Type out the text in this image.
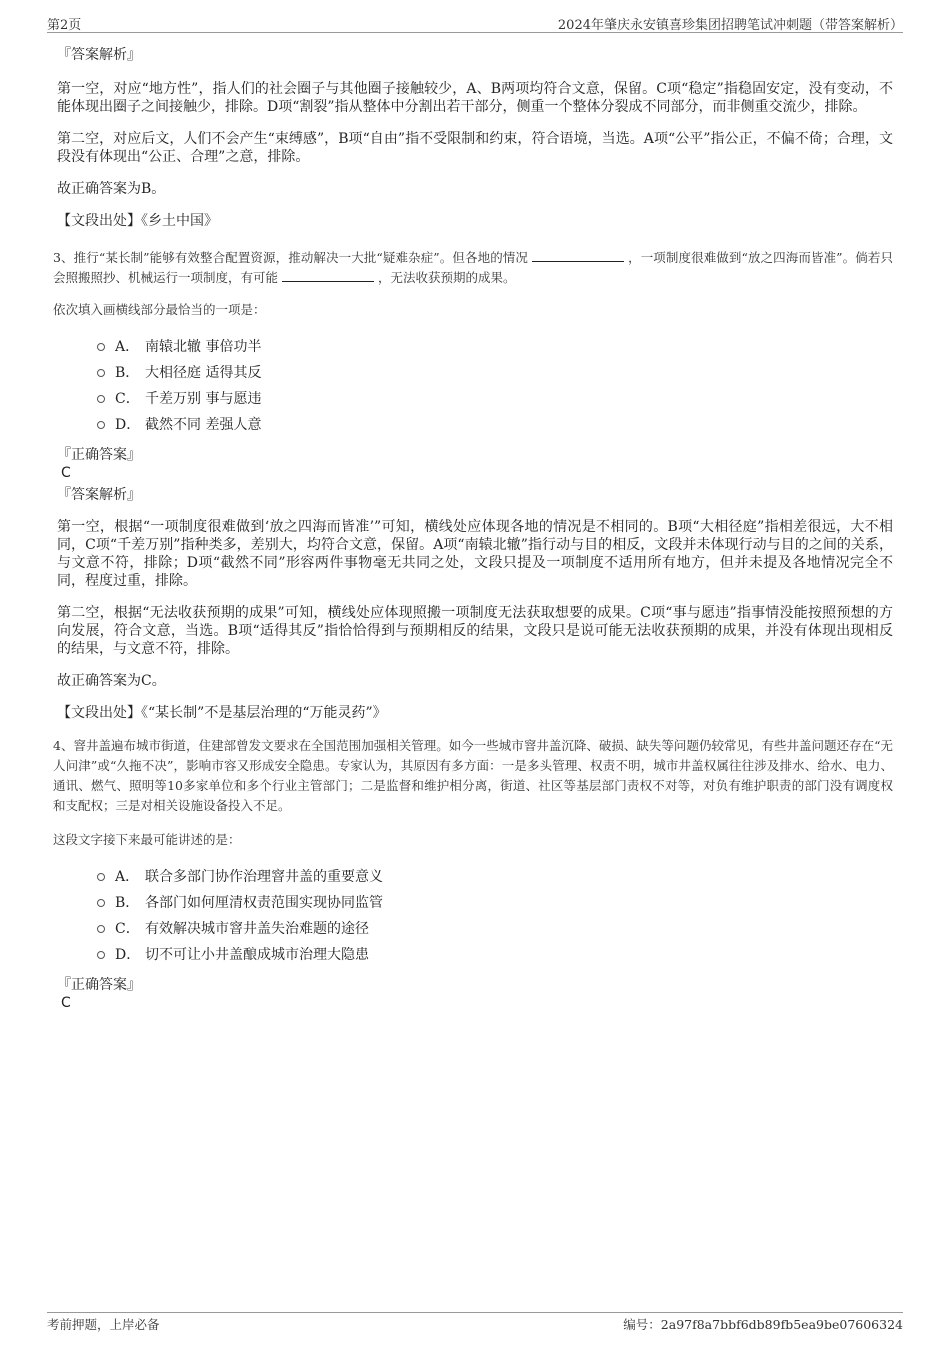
第2页	2024年肇庆永安镇喜珍集团招聘笔试冲刺题（带答案解析）

『答案解析』

第一空，对应“地方性”，指人们的社会圈子与其他圈子接触较少，A、B两项均符合文意，保留。C项“稳定”指稳固安定，没有变动，不能体现出圈子之间接触少，排除。D项“割裂”指从整体中分割出若干部分，侧重一个整体分裂成不同部分，而非侧重交流少，排除。

第二空，对应后文，人们不会产生“束缚感”，B项“自由”指不受限制和约束，符合语境，当选。A项“公平”指公正，不偏不倚；合理，文段没有体现出“公正、合理”之意，排除。

故正确答案为B。

【文段出处】《乡土中国》

3、推行“某长制”能够有效整合配置资源，推动解决一大批“疑难杂症”。但各地的情况	，一项制度很难做到“放之四海而皆准”。倘若只会照搬照抄、机械运行一项制度，有可能	，无法收获预期的成果。

依次填入画横线部分最恰当的一项是：

A． 南辕北辙 事倍功半
B． 大相径庭 适得其反
C． 千差万别 事与愿违
D． 截然不同 差强人意

『正确答案』

C

『答案解析』

第一空，根据“一项制度很难做到‘放之四海而皆准’”可知，横线处应体现各地的情况是不相同的。B项“大相径庭”指相差很远，大不相同，C项“千差万别”指种类多，差别大，均符合文意，保留。A项“南辕北辙”指行动与目的相反，文段并未体现行动与目的之间的关系，与文意不符，排除；D项“截然不同”形容两件事物毫无共同之处，文段只提及一项制度不适用所有地方，但并未提及各地情况完全不同，程度过重，排除。

第二空，根据“无法收获预期的成果”可知，横线处应体现照搬一项制度无法获取想要的成果。C项“事与愿违”指事情没能按照预想的方向发展，符合文意，当选。B项“适得其反”指恰恰得到与预期相反的结果，文段只是说可能无法收获预期的成果，并没有体现出现相反的结果，与文意不符，排除。

故正确答案为C。

【文段出处】《“某长制”不是基层治理的“万能灵药”》

4、窨井盖遍布城市街道，住建部曾发文要求在全国范围加强相关管理。如今一些城市窨井盖沉降、破损、缺失等问题仍较常见，有些井盖问题还存在“无人问津”或“久拖不决”，影响市容又形成安全隐患。专家认为，其原因有多方面：一是多头管理、权责不明，城市井盖权属往往涉及排水、给水、电力、通讯、燃气、照明等10多家单位和多个行业主管部门；二是监督和维护相分离，街道、社区等基层部门责权不对等，对负有维护职责的部门没有调度权和支配权；三是对相关设施设备投入不足。

这段文字接下来最可能讲述的是：

A． 联合多部门协作治理窨井盖的重要意义
B． 各部门如何厘清权责范围实现协同监管
C． 有效解决城市窨井盖失治难题的途径
D． 切不可让小井盖酿成城市治理大隐患

『正确答案』

C

考前押题，上岸必备	编号：2a97f8a7bbf6db89fb5ea9be07606324
